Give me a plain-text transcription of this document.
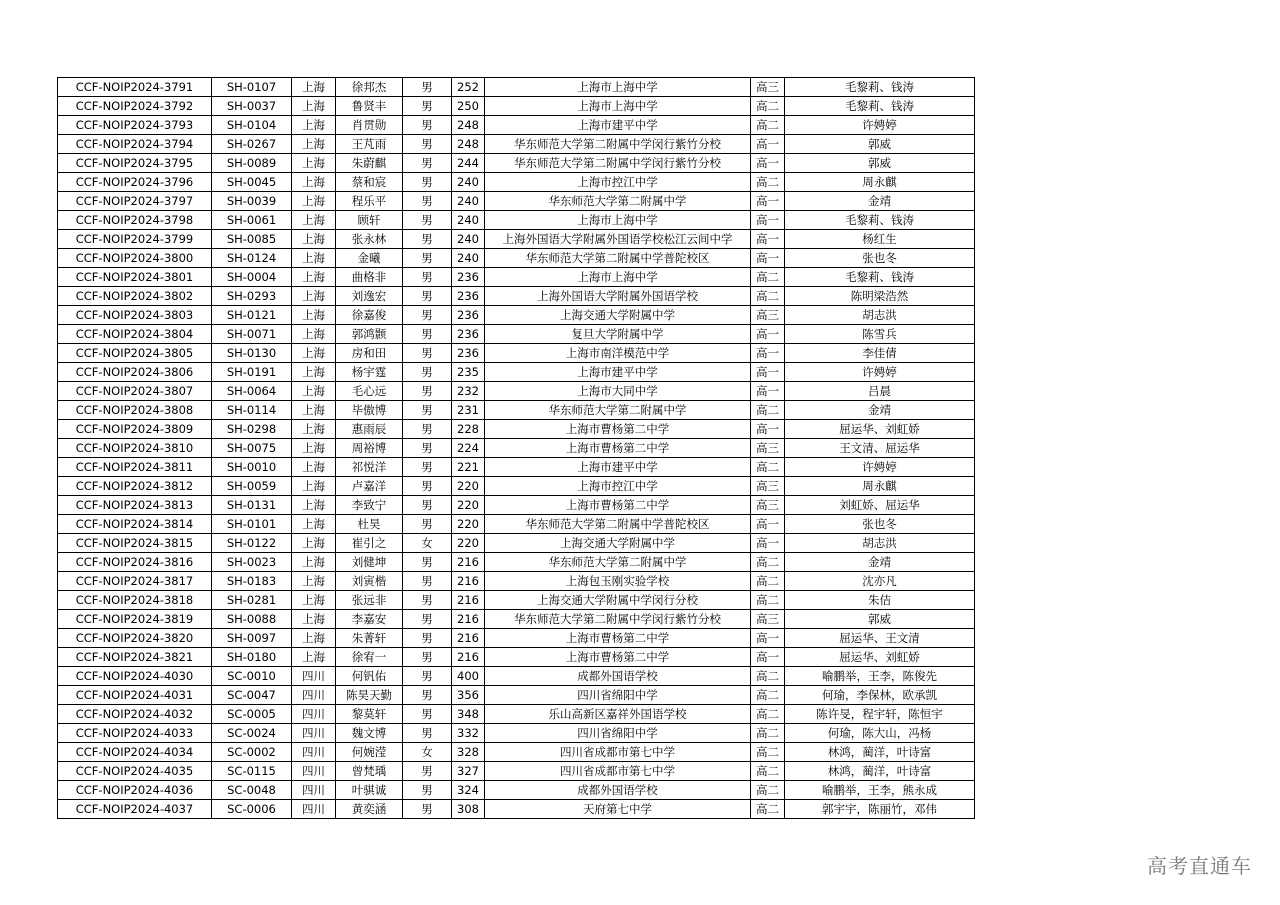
CCF-NOIP2024-3791	SH-0107	上海	徐邦杰	男	252	上海市上海中学	高三	毛黎莉、钱涛
CCF-NOIP2024-3792	SH-0037	上海	鲁贤丰	男	250	上海市上海中学	高二	毛黎莉、钱涛
CCF-NOIP2024-3793	SH-0104	上海	肖贯勋	男	248	上海市建平中学	高二	许娉婷
CCF-NOIP2024-3794	SH-0267	上海	王芃雨	男	248	华东师范大学第二附属中学闵行紫竹分校	高一	郭威
CCF-NOIP2024-3795	SH-0089	上海	朱蔚麒	男	244	华东师范大学第二附属中学闵行紫竹分校	高一	郭威
CCF-NOIP2024-3796	SH-0045	上海	蔡和宸	男	240	上海市控江中学	高二	周永麒
CCF-NOIP2024-3797	SH-0039	上海	程乐平	男	240	华东师范大学第二附属中学	高一	金靖
CCF-NOIP2024-3798	SH-0061	上海	顾轩	男	240	上海市上海中学	高一	毛黎莉、钱涛
CCF-NOIP2024-3799	SH-0085	上海	张永林	男	240	上海外国语大学附属外国语学校松江云间中学	高一	杨红生
CCF-NOIP2024-3800	SH-0124	上海	金曦	男	240	华东师范大学第二附属中学普陀校区	高一	张也冬
CCF-NOIP2024-3801	SH-0004	上海	曲格非	男	236	上海市上海中学	高二	毛黎莉、钱涛
CCF-NOIP2024-3802	SH-0293	上海	刘逸宏	男	236	上海外国语大学附属外国语学校	高二	陈明梁浩然
CCF-NOIP2024-3803	SH-0121	上海	徐嘉俊	男	236	上海交通大学附属中学	高三	胡志洪
CCF-NOIP2024-3804	SH-0071	上海	郭鸿颢	男	236	复旦大学附属中学	高一	陈雪兵
CCF-NOIP2024-3805	SH-0130	上海	房和田	男	236	上海市南洋模范中学	高一	李佳倩
CCF-NOIP2024-3806	SH-0191	上海	杨宇霆	男	235	上海市建平中学	高一	许娉婷
CCF-NOIP2024-3807	SH-0064	上海	毛心远	男	232	上海市大同中学	高一	吕晨
CCF-NOIP2024-3808	SH-0114	上海	毕傲博	男	231	华东师范大学第二附属中学	高二	金靖
CCF-NOIP2024-3809	SH-0298	上海	惠雨辰	男	228	上海市曹杨第二中学	高一	屈运华、刘虹娇
CCF-NOIP2024-3810	SH-0075	上海	周裕博	男	224	上海市曹杨第二中学	高三	王文清、屈运华
CCF-NOIP2024-3811	SH-0010	上海	祁悦洋	男	221	上海市建平中学	高二	许娉婷
CCF-NOIP2024-3812	SH-0059	上海	卢嘉洋	男	220	上海市控江中学	高三	周永麒
CCF-NOIP2024-3813	SH-0131	上海	李致宁	男	220	上海市曹杨第二中学	高三	刘虹娇、屈运华
CCF-NOIP2024-3814	SH-0101	上海	杜昊	男	220	华东师范大学第二附属中学普陀校区	高一	张也冬
CCF-NOIP2024-3815	SH-0122	上海	崔引之	女	220	上海交通大学附属中学	高一	胡志洪
CCF-NOIP2024-3816	SH-0023	上海	刘健坤	男	216	华东师范大学第二附属中学	高二	金靖
CCF-NOIP2024-3817	SH-0183	上海	刘寅楷	男	216	上海包玉刚实验学校	高二	沈亦凡
CCF-NOIP2024-3818	SH-0281	上海	张远非	男	216	上海交通大学附属中学闵行分校	高二	朱佶
CCF-NOIP2024-3819	SH-0088	上海	李嘉安	男	216	华东师范大学第二附属中学闵行紫竹分校	高三	郭威
CCF-NOIP2024-3820	SH-0097	上海	朱菁轩	男	216	上海市曹杨第二中学	高一	屈运华、王文清
CCF-NOIP2024-3821	SH-0180	上海	徐宥一	男	216	上海市曹杨第二中学	高一	屈运华、刘虹娇
CCF-NOIP2024-4030	SC-0010	四川	何钒佑	男	400	成都外国语学校	高二	喻鹏举，王李，陈俊先
CCF-NOIP2024-4031	SC-0047	四川	陈昊天勤	男	356	四川省绵阳中学	高二	何瑜，李保林，欧承凯
CCF-NOIP2024-4032	SC-0005	四川	黎莫轩	男	348	乐山高新区嘉祥外国语学校	高二	陈许旻，程宇轩，陈恒宇
CCF-NOIP2024-4033	SC-0024	四川	魏文博	男	332	四川省绵阳中学	高二	何瑜，陈大山，冯杨
CCF-NOIP2024-4034	SC-0002	四川	何婉滢	女	328	四川省成都市第七中学	高二	林鸿，蔺洋，叶诗富
CCF-NOIP2024-4035	SC-0115	四川	曾梵瑀	男	327	四川省成都市第七中学	高二	林鸿，蔺洋，叶诗富
CCF-NOIP2024-4036	SC-0048	四川	叶骐诚	男	324	成都外国语学校	高二	喻鹏举，王李，熊永成
CCF-NOIP2024-4037	SC-0006	四川	黄奕涵	男	308	天府第七中学	高二	郭宇宇，陈丽竹，邓伟
高考直通车
